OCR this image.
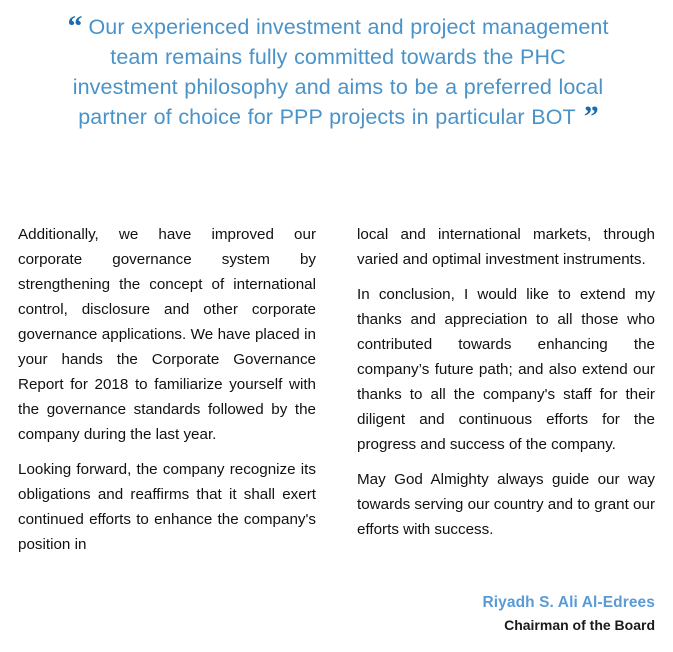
“ Our experienced investment and project management team remains fully committed towards the PHC investment philosophy and aims to be a preferred local partner of choice for PPP projects in particular BOT ”

Additionally, we have improved our corporate governance system by strengthening the concept of international control, disclosure and other corporate governance applications. We have placed in your hands the Corporate Governance Report for 2018 to familiarize yourself with the governance standards followed by the company during the last year.

Looking forward, the company recognize its obligations and reaffirms that it shall exert continued efforts to enhance the company's position in

local and international markets, through varied and optimal investment instruments.

In conclusion, I would like to extend my thanks and appreciation to all those who contributed towards enhancing the company’s future path; and also extend our thanks to all the company's staff for their diligent and continuous efforts for the progress and success of the company.

May God Almighty always guide our way towards serving our country and to grant our efforts with success.

Riyadh S. Ali Al-Edrees
Chairman of the Board
